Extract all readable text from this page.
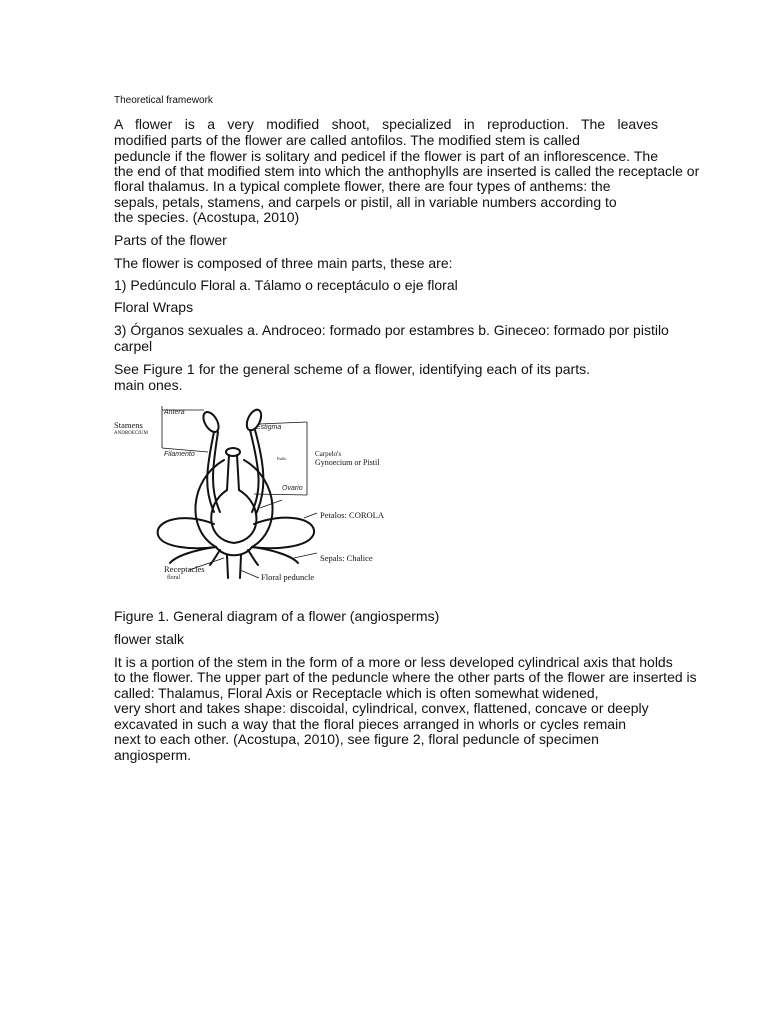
Theoretical framework
A flower is a very modified shoot, specialized in reproduction. The leaves
modified parts of the flower are called antofilos. The modified stem is called
peduncle if the flower is solitary and pedicel if the flower is part of an inflorescence. The
the end of that modified stem into which the anthophylls are inserted is called the receptacle or
floral thalamus. In a typical complete flower, there are four types of anthems: the
sepals, petals, stamens, and carpels or pistil, all in variable numbers according to
the species. (Acostupa, 2010)
Parts of the flower
The flower is composed of three main parts, these are:
1) Pedúnculo Floral a. Tálamo o receptáculo o eje floral
Floral Wraps
3) Órganos sexuales a. Androceo: formado por estambres b. Gineceo: formado por pistilo
carpel
See Figure 1 for the general scheme of a flower, identifying each of its parts.
main ones.
Antera
Estigma
Stamens
ANDROECIUM
Filamento	Carpelo's
Gynoecium or Pistil
Estilo
Ovario
Petalos: COROLA
Sepals: Chalice
Receptacles
floral	Floral peduncle
Figure 1. General diagram of a flower (angiosperms)
flower stalk
It is a portion of the stem in the form of a more or less developed cylindrical axis that holds
to the flower. The upper part of the peduncle where the other parts of the flower are inserted is
called: Thalamus, Floral Axis or Receptacle which is often somewhat widened,
very short and takes shape: discoidal, cylindrical, convex, flattened, concave or deeply
excavated in such a way that the floral pieces arranged in whorls or cycles remain
next to each other. (Acostupa, 2010), see figure 2, floral peduncle of specimen
angiosperm.
